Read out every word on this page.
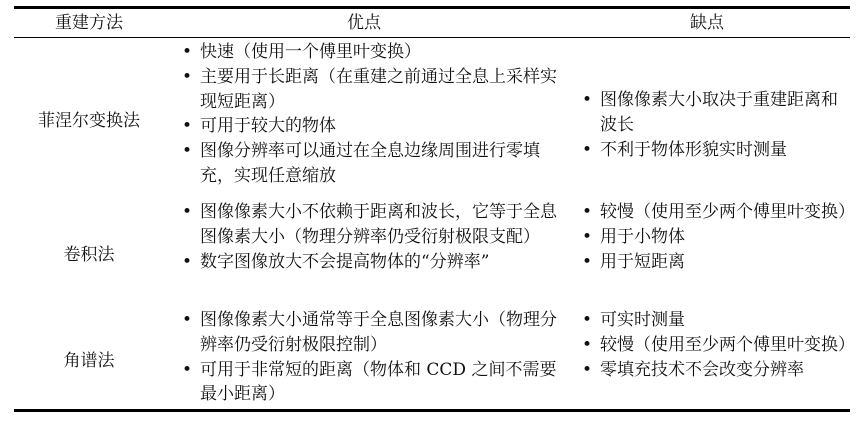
重建方法	优点	缺点
菲涅尔变换法
• 快速（使用一个傅里叶变换）
• 主要用于长距离（在重建之前通过全息上采样实现短距离）
• 可用于较大的物体
• 图像分辨率可以通过在全息边缘周围进行零填充，实现任意缩放
• 图像像素大小取决于重建距离和波长
• 不利于物体形貌实时测量
卷积法
• 图像像素大小不依赖于距离和波长，它等于全息图像素大小（物理分辨率仍受衍射极限支配）
• 数字图像放大不会提高物体的“分辨率”
• 较慢（使用至少两个傅里叶变换）
• 用于小物体
• 用于短距离
角谱法
• 图像像素大小通常等于全息图像素大小（物理分辨率仍受衍射极限控制）
• 可用于非常短的距离（物体和 CCD 之间不需要最小距离）
• 可实时测量
• 较慢（使用至少两个傅里叶变换）
• 零填充技术不会改变分辨率
